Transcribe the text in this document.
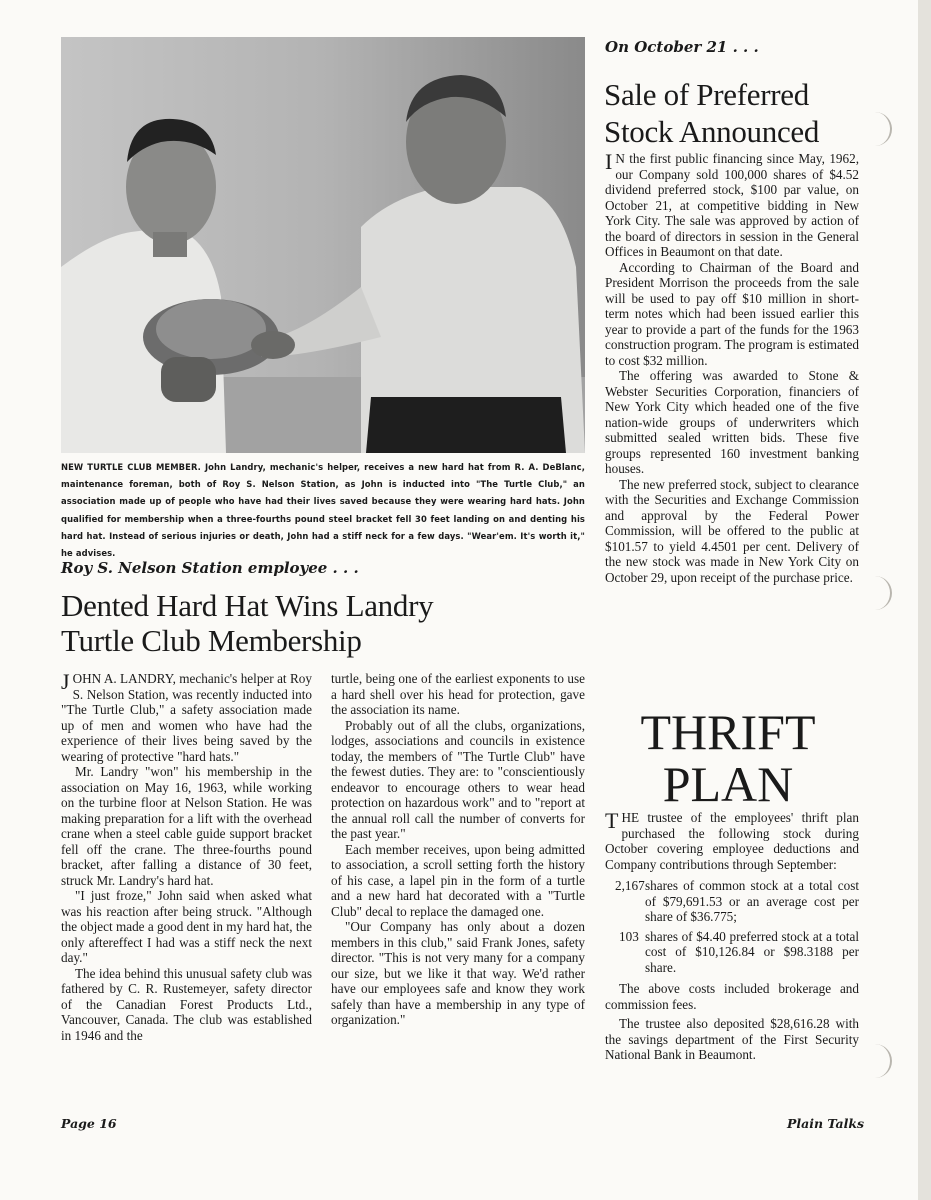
NEW TURTLE CLUB MEMBER. John Landry, mechanic's helper, receives a new hard hat from R. A. DeBlanc, maintenance foreman, both of Roy S. Nelson Station, as John is inducted into "The Turtle Club," an association made up of people who have had their lives saved because they were wearing hard hats. John qualified for membership when a three-fourths pound steel bracket fell 30 feet landing on and denting his hard hat. Instead of serious injuries or death, John had a stiff neck for a few days. "Wear'em. It's worth it," he advises.
Roy S. Nelson Station employee . . .
Dented Hard Hat Wins Landry
Turtle Club Membership

JOHN A. LANDRY, mechanic's helper at Roy S. Nelson Station, was recently inducted into "The Turtle Club," a safety association made up of men and women who have had the experience of their lives being saved by the wearing of protective "hard hats."

Mr. Landry "won" his membership in the association on May 16, 1963, while working on the turbine floor at Nelson Station. He was making preparation for a lift with the overhead crane when a steel cable guide support bracket fell off the crane. The three-fourths pound bracket, after falling a distance of 30 feet, struck Mr. Landry's hard hat.

"I just froze," John said when asked what was his reaction after being struck. "Although the object made a good dent in my hard hat, the only aftereffect I had was a stiff neck the next day."

The idea behind this unusual safety club was fathered by C. R. Rustemeyer, safety director of the Canadian Forest Products Ltd., Vancouver, Canada. The club was established in 1946 and the

turtle, being one of the earliest exponents to use a hard shell over his head for protection, gave the association its name.

Probably out of all the clubs, organizations, lodges, associations and councils in existence today, the members of "The Turtle Club" have the fewest duties. They are: to "conscientiously endeavor to encourage others to wear head protection on hazardous work" and to "report at the annual roll call the number of converts for the past year."

Each member receives, upon being admitted to association, a scroll setting forth the history of his case, a lapel pin in the form of a turtle and a new hard hat decorated with a "Turtle Club" decal to replace the damaged one.

"Our Company has only about a dozen members in this club," said Frank Jones, safety director. "This is not very many for a company our size, but we like it that way. We'd rather have our employees safe and know they work safely than have a membership in any type of organization."

On October 21 . . .
Sale of Preferred
Stock Announced

I N the first public financing since May, 1962, our Company sold 100,000 shares of $4.52 dividend preferred stock, $100 par value, on October 21, at competitive bidding in New York City. The sale was approved by action of the board of directors in session in the General Offices in Beaumont on that date.

According to Chairman of the Board and President Morrison the proceeds from the sale will be used to pay off $10 million in short-term notes which had been issued earlier this year to provide a part of the funds for the 1963 construction program. The program is estimated to cost $32 million.

The offering was awarded to Stone & Webster Securities Corporation, financiers of New York City which headed one of the five nation-wide groups of underwriters which submitted sealed written bids. These five groups represented 160 investment banking houses.

The new preferred stock, subject to clearance with the Securities and Exchange Commission and approval by the Federal Power Commission, will be offered to the public at $101.57 to yield 4.4501 per cent. Delivery of the new stock was made in New York City on October 29, upon receipt of the purchase price.

THRIFT
PLAN

THE trustee of the employees' thrift plan purchased the following stock during October covering employee deductions and Company contributions through September:

2,167 shares of common stock at a total cost of $79,691.53 or an average cost per share of $36.775;

103 shares of $4.40 preferred stock at a total cost of $10,126.84 or $98.3188 per share.

The above costs included brokerage and commission fees.

The trustee also deposited $28,616.28 with the savings department of the First Security National Bank in Beaumont.

Page 16	Plain Talks
